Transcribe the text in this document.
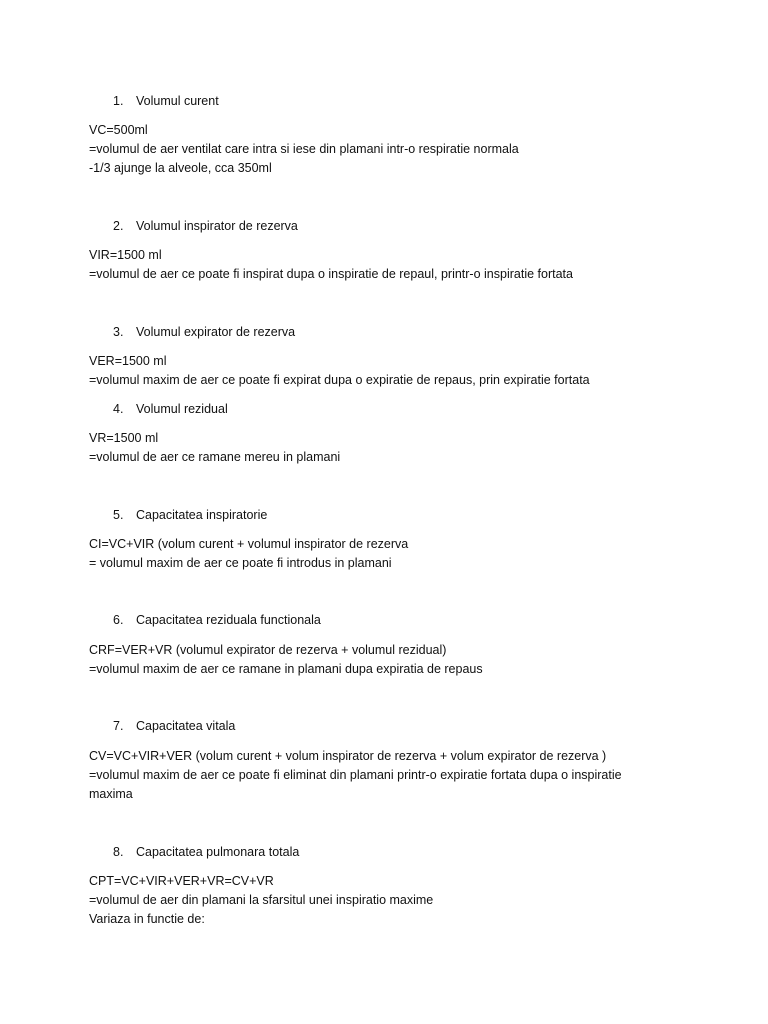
1. Volumul curent
VC=500ml
=volumul de aer ventilat care intra si iese din plamani intr-o respiratie normala
-1/3 ajunge la alveole, cca 350ml
2. Volumul inspirator de rezerva
VIR=1500 ml
=volumul de aer ce poate fi inspirat dupa o inspiratie de repaul, printr-o inspiratie fortata
3. Volumul expirator de rezerva
VER=1500 ml
=volumul maxim de aer ce poate fi expirat dupa o expiratie de repaus, prin expiratie fortata
4. Volumul rezidual
VR=1500 ml
=volumul de aer ce ramane mereu in plamani
5. Capacitatea inspiratorie
CI=VC+VIR (volum curent + volumul inspirator de rezerva
= volumul maxim de aer ce poate fi introdus in plamani
6. Capacitatea reziduala functionala
CRF=VER+VR (volumul expirator de rezerva + volumul rezidual)
=volumul maxim de aer ce ramane in plamani dupa expiratia de repaus
7. Capacitatea vitala
CV=VC+VIR+VER (volum curent + volum inspirator de rezerva + volum expirator de rezerva )
=volumul maxim de aer ce poate fi eliminat din plamani printr-o expiratie fortata dupa o inspiratie
maxima
8. Capacitatea pulmonara totala
CPT=VC+VIR+VER+VR=CV+VR
=volumul de aer din plamani la sfarsitul unei inspiratio maxime
Variaza in functie de:
